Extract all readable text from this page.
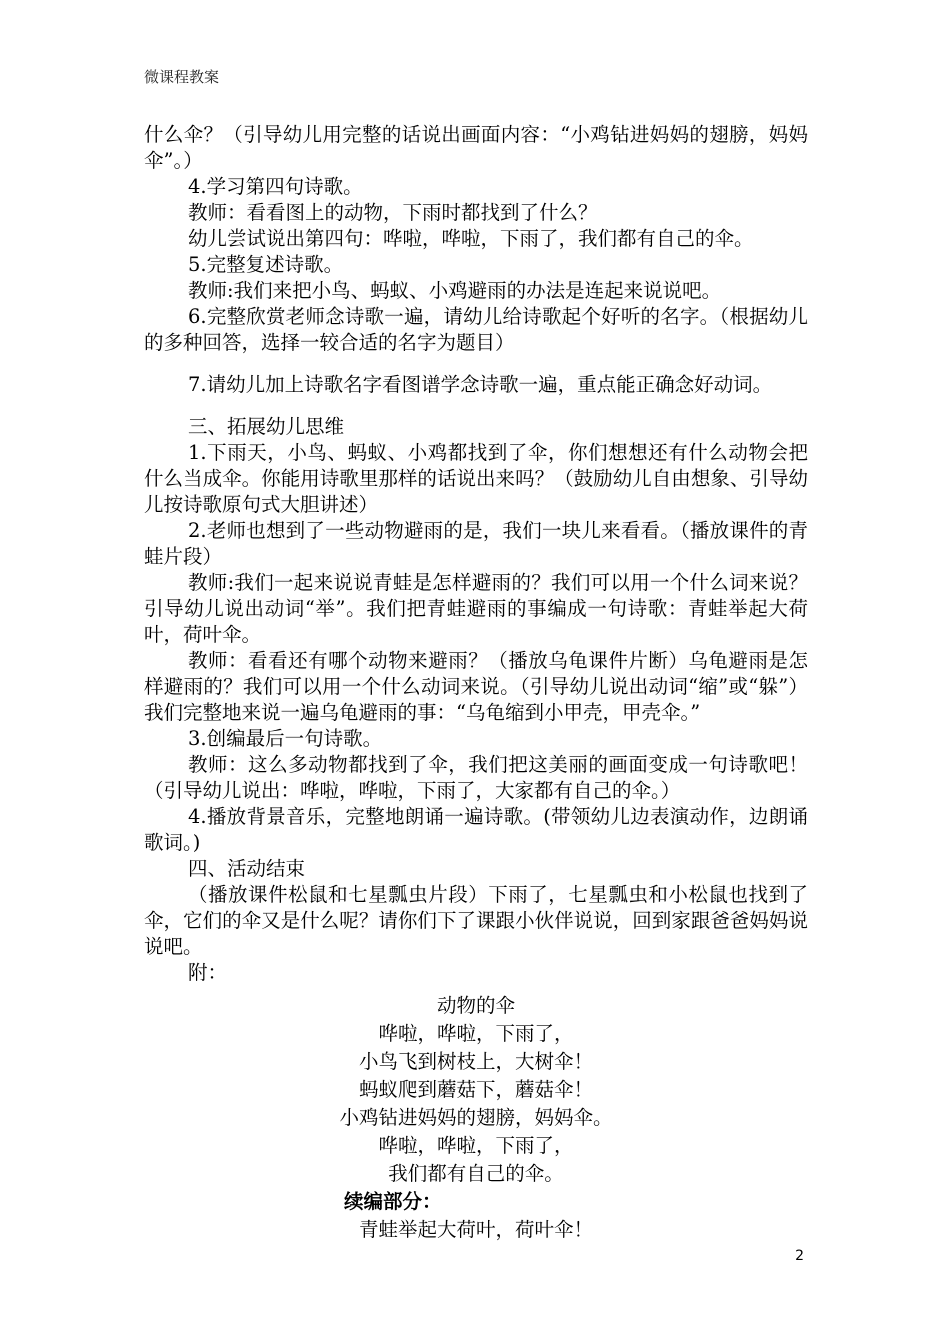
微课程教案

什么伞？（引导幼儿用完整的话说出画面内容：“小鸡钻进妈妈的翅膀，妈妈伞”。）

4.学习第四句诗歌。

教师：看看图上的动物，下雨时都找到了什么？

幼儿尝试说出第四句：哗啦，哗啦，下雨了，我们都有自己的伞。

5.完整复述诗歌。

教师:我们来把小鸟、蚂蚁、小鸡避雨的办法是连起来说说吧。

6.完整欣赏老师念诗歌一遍，请幼儿给诗歌起个好听的名字。（根据幼儿的多种回答，选择一较合适的名字为题目）

7.请幼儿加上诗歌名字看图谱学念诗歌一遍，重点能正确念好动词。

三、拓展幼儿思维

1.下雨天，小鸟、蚂蚁、小鸡都找到了伞，你们想想还有什么动物会把什么当成伞。你能用诗歌里那样的话说出来吗？（鼓励幼儿自由想象、引导幼儿按诗歌原句式大胆讲述）

2.老师也想到了一些动物避雨的是，我们一块儿来看看。（播放课件的青蛙片段）

教师:我们一起来说说青蛙是怎样避雨的？我们可以用一个什么词来说？引导幼儿说出动词“举”。我们把青蛙避雨的事编成一句诗歌：青蛙举起大荷叶，荷叶伞。

教师：看看还有哪个动物来避雨？（播放乌龟课件片断）乌龟避雨是怎样避雨的？我们可以用一个什么动词来说。（引导幼儿说出动词“缩”或“躲”）我们完整地来说一遍乌龟避雨的事：“乌龟缩到小甲壳，甲壳伞。”

3.创编最后一句诗歌。

教师：这么多动物都找到了伞，我们把这美丽的画面变成一句诗歌吧！（引导幼儿说出：哗啦，哗啦，下雨了，大家都有自己的伞。）

4.播放背景音乐，完整地朗诵一遍诗歌。(带领幼儿边表演动作，边朗诵歌词。)

四、活动结束

（播放课件松鼠和七星瓢虫片段）下雨了，七星瓢虫和小松鼠也找到了伞，它们的伞又是什么呢？请你们下了课跟小伙伴说说，回到家跟爸爸妈妈说说吧。

附：

动物的伞
哗啦，哗啦，下雨了，
小鸟飞到树枝上，大树伞！
蚂蚁爬到蘑菇下，蘑菇伞！
小鸡钻进妈妈的翅膀，妈妈伞。
哗啦，哗啦，下雨了，
我们都有自己的伞。
续编部分：
青蛙举起大荷叶，荷叶伞！
2
